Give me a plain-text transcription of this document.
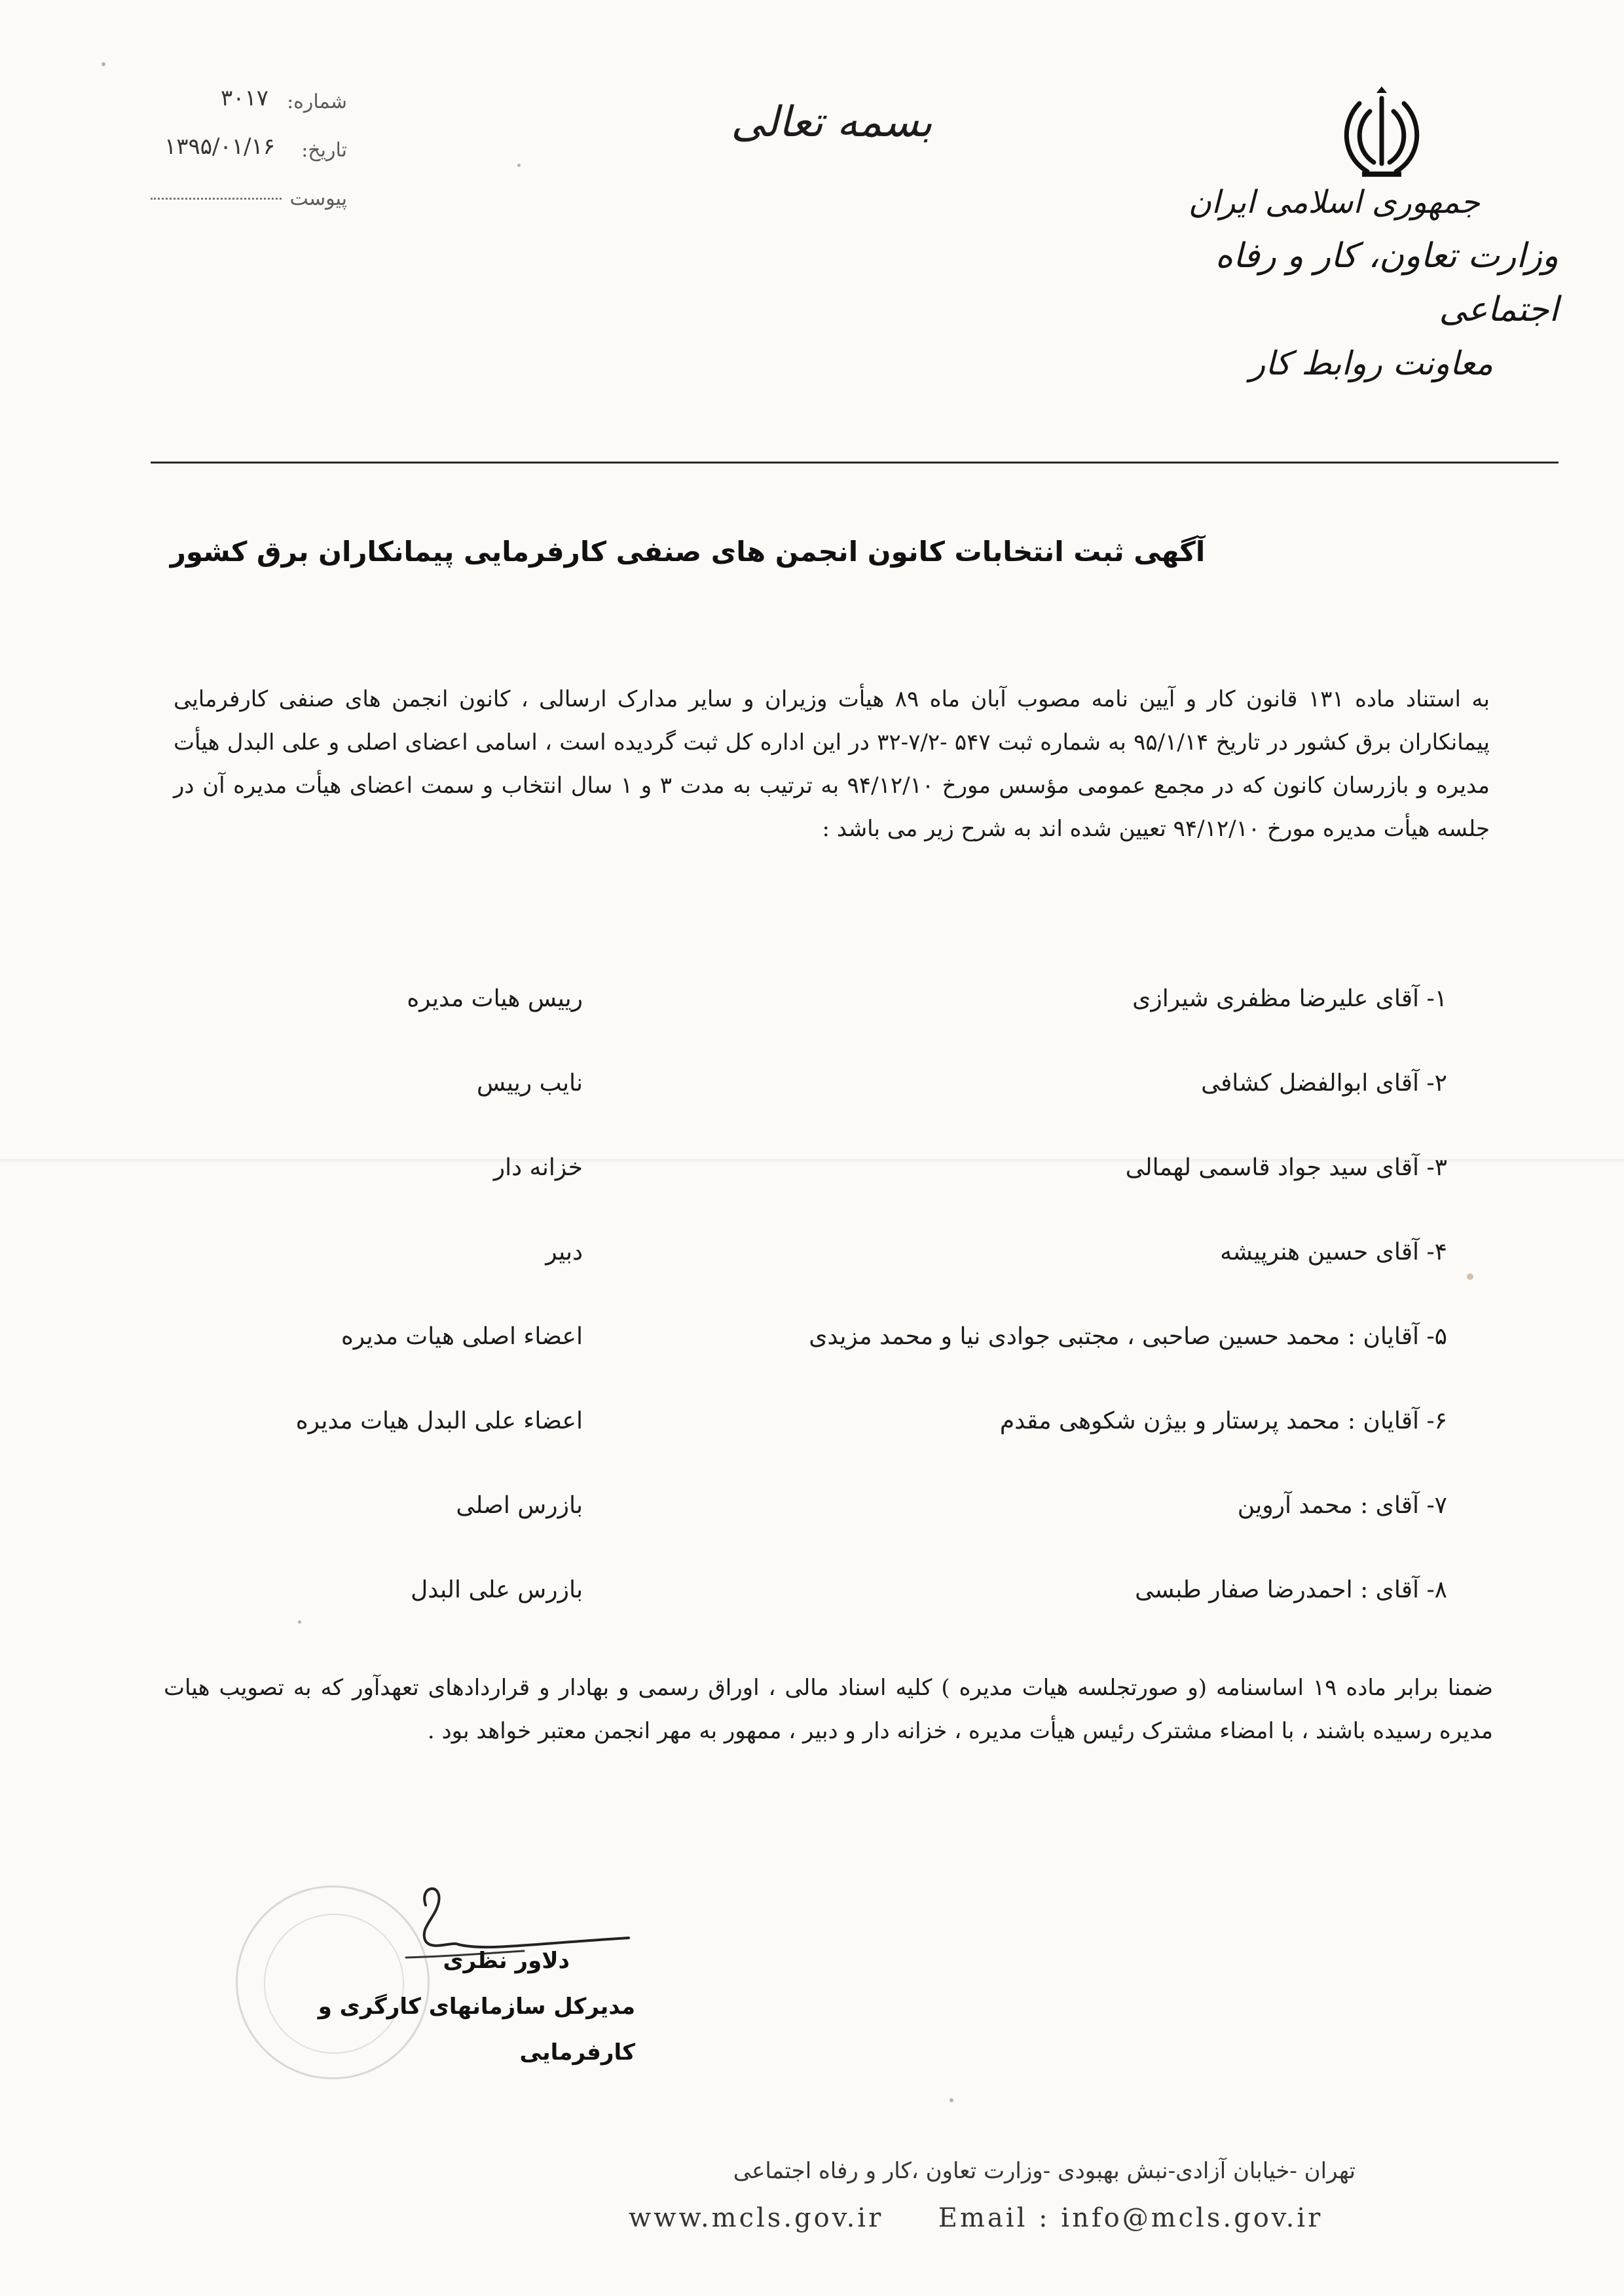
شماره:
۳۰۱۷
تاریخ:
۱۳۹۵/۰۱/۱۶
پیوست
بسمه تعالی
جمهوری اسلامی ایران
وزارت تعاون، کار و رفاه اجتماعی
معاونت روابط کار
آگهی ثبت انتخابات کانون انجمن های صنفی کارفرمایی پیمانکاران برق کشور
به استناد ماده ۱۳۱ قانون کار و آیین نامه مصوب آبان ماه ۸۹ هیأت وزیران و سایر مدارک ارسالی ، کانون انجمن های صنفی کارفرمایی پیمانکاران برق کشور در تاریخ ۹۵/۱/۱۴ به شماره ثبت ۵۴۷ -۷/۲-۳۲ در این اداره کل ثبت گردیده است ، اسامی اعضای اصلی و علی البدل هیأت مدیره و بازرسان کانون که در مجمع عمومی مؤسس مورخ ۹۴/۱۲/۱۰ به ترتیب به مدت ۳ و ۱ سال انتخاب و سمت اعضای هیأت مدیره آن در جلسه هیأت مدیره مورخ ۹۴/۱۲/۱۰ تعیین شده اند به شرح زیر می باشد :
۱- آقای علیرضا مظفری شیرازی
رییس هیات مدیره
۲- آقای ابوالفضل کشافی
نایب رییس
۳- آقای سید جواد قاسمی لهمالی
خزانه دار
۴- آقای حسین هنرپیشه
دبیر
۵- آقایان : محمد حسین صاحبی ، مجتبی جوادی نیا و محمد مزیدی
اعضاء اصلی هیات مدیره
۶- آقایان : محمد پرستار و بیژن شکوهی مقدم
اعضاء علی البدل هیات مدیره
۷- آقای : محمد آروین
بازرس اصلی
۸- آقای : احمدرضا صفار طبسی
بازرس علی البدل
ضمنا برابر ماده ۱۹ اساسنامه (و صورتجلسه هیات مدیره ) کلیه اسناد مالی ، اوراق رسمی و بهادار و قراردادهای تعهدآور که به تصویب هیات مدیره رسیده باشند ، با امضاء مشترک رئیس هیأت مدیره ، خزانه دار و دبیر ، ممهور به مهر انجمن معتبر خواهد بود .
دلاور نظری
مدیرکل سازمانهای کارگری و کارفرمایی
تهران -خیابان آزادی-نبش بهبودی -وزارت تعاون ،کار و رفاه اجتماعی
www.mcls.gov.ir Email : info@mcls.gov.ir
